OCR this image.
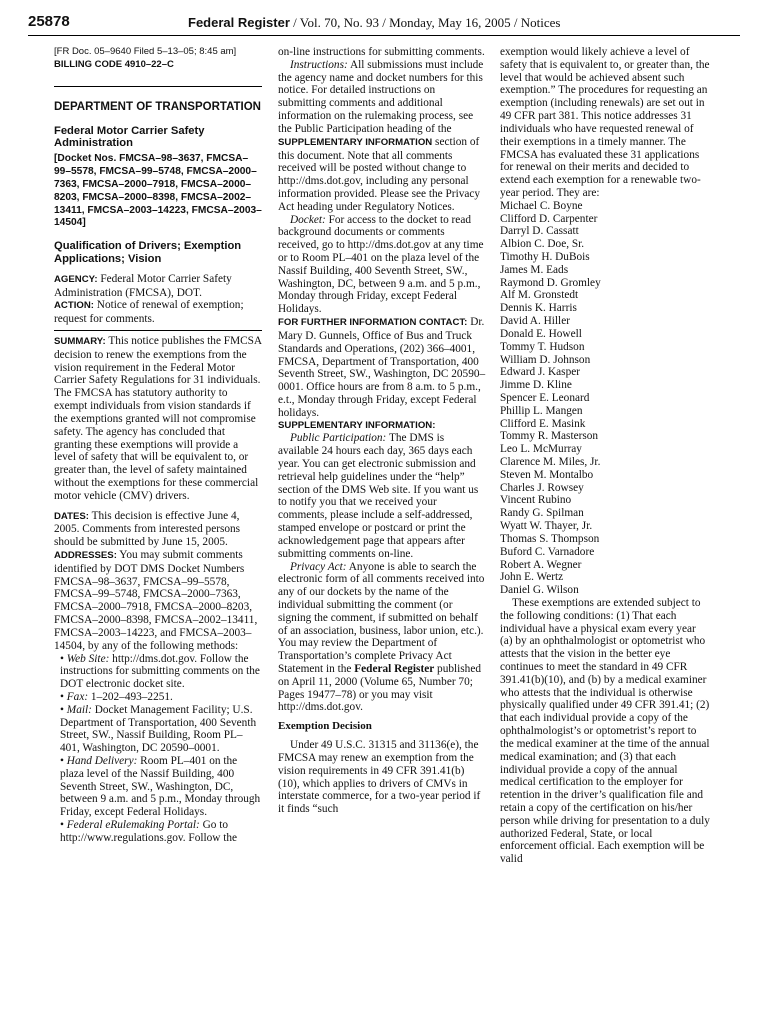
25878	Federal Register / Vol. 70, No. 93 / Monday, May 16, 2005 / Notices

[FR Doc. 05–9640 Filed 5–13–05; 8:45 am]

BILLING CODE 4910–22–C

DEPARTMENT OF TRANSPORTATION

Federal Motor Carrier Safety Administration

[Docket Nos. FMCSA–98–3637, FMCSA–99–5578, FMCSA–99–5748, FMCSA–2000–7363, FMCSA–2000–7918, FMCSA–2000–8203, FMCSA–2000–8398, FMCSA–2002–13411, FMCSA–2003–14223, FMCSA–2003–14504]

Qualification of Drivers; Exemption Applications; Vision

AGENCY: Federal Motor Carrier Safety Administration (FMCSA), DOT.

ACTION: Notice of renewal of exemption; request for comments.

SUMMARY: This notice publishes the FMCSA decision to renew the exemptions from the vision requirement in the Federal Motor Carrier Safety Regulations for 31 individuals. The FMCSA has statutory authority to exempt individuals from vision standards if the exemptions granted will not compromise safety. The agency has concluded that granting these exemptions will provide a level of safety that will be equivalent to, or greater than, the level of safety maintained without the exemptions for these commercial motor vehicle (CMV) drivers.

DATES: This decision is effective June 4, 2005. Comments from interested persons should be submitted by June 15, 2005.

ADDRESSES: You may submit comments identified by DOT DMS Docket Numbers FMCSA–98–3637, FMCSA–99–5578, FMCSA–99–5748, FMCSA–2000–7363, FMCSA–2000–7918, FMCSA–2000–8203, FMCSA–2000–8398, FMCSA–2002–13411, FMCSA–2003–14223, and FMCSA–2003–14504, by any of the following methods:

• Web Site: http://dms.dot.gov. Follow the instructions for submitting comments on the DOT electronic docket site.

• Fax: 1–202–493–2251.

• Mail: Docket Management Facility; U.S. Department of Transportation, 400 Seventh Street, SW., Nassif Building, Room PL–401, Washington, DC 20590–0001.

• Hand Delivery: Room PL–401 on the plaza level of the Nassif Building, 400 Seventh Street, SW., Washington, DC, between 9 a.m. and 5 p.m., Monday through Friday, except Federal Holidays.

• Federal eRulemaking Portal: Go to http://www.regulations.gov. Follow the

on-line instructions for submitting comments.

Instructions: All submissions must include the agency name and docket numbers for this notice. For detailed instructions on submitting comments and additional information on the rulemaking process, see the Public Participation heading of the SUPPLEMENTARY INFORMATION section of this document. Note that all comments received will be posted without change to http://dms.dot.gov, including any personal information provided. Please see the Privacy Act heading under Regulatory Notices.

Docket: For access to the docket to read background documents or comments received, go to http://dms.dot.gov at any time or to Room PL–401 on the plaza level of the Nassif Building, 400 Seventh Street, SW., Washington, DC, between 9 a.m. and 5 p.m., Monday through Friday, except Federal Holidays.

FOR FURTHER INFORMATION CONTACT: Dr. Mary D. Gunnels, Office of Bus and Truck Standards and Operations, (202) 366–4001, FMCSA, Department of Transportation, 400 Seventh Street, SW., Washington, DC 20590–0001. Office hours are from 8 a.m. to 5 p.m., e.t., Monday through Friday, except Federal holidays.

SUPPLEMENTARY INFORMATION:

Public Participation: The DMS is available 24 hours each day, 365 days each year. You can get electronic submission and retrieval help guidelines under the “help” section of the DMS Web site. If you want us to notify you that we received your comments, please include a self-addressed, stamped envelope or postcard or print the acknowledgement page that appears after submitting comments on-line.

Privacy Act: Anyone is able to search the electronic form of all comments received into any of our dockets by the name of the individual submitting the comment (or signing the comment, if submitted on behalf of an association, business, labor union, etc.). You may review the Department of Transportation’s complete Privacy Act Statement in the Federal Register published on April 11, 2000 (Volume 65, Number 70; Pages 19477–78) or you may visit http://dms.dot.gov.

Exemption Decision

Under 49 U.S.C. 31315 and 31136(e), the FMCSA may renew an exemption from the vision requirements in 49 CFR 391.41(b)(10), which applies to drivers of CMVs in interstate commerce, for a two-year period if it finds “such

exemption would likely achieve a level of safety that is equivalent to, or greater than, the level that would be achieved absent such exemption.” The procedures for requesting an exemption (including renewals) are set out in 49 CFR part 381. This notice addresses 31 individuals who have requested renewal of their exemptions in a timely manner. The FMCSA has evaluated these 31 applications for renewal on their merits and decided to extend each exemption for a renewable two-year period. They are:

Michael C. Boyne

Clifford D. Carpenter

Darryl D. Cassatt

Albion C. Doe, Sr.

Timothy H. DuBois

James M. Eads

Raymond D. Gromley

Alf M. Gronstedt

Dennis K. Harris

David A. Hiller

Donald E. Howell

Tommy T. Hudson

William D. Johnson

Edward J. Kasper

Jimme D. Kline

Spencer E. Leonard

Phillip L. Mangen

Clifford E. Masink

Tommy R. Masterson

Leo L. McMurray

Clarence M. Miles, Jr.

Steven M. Montalbo

Charles J. Rowsey

Vincent Rubino

Randy G. Spilman

Wyatt W. Thayer, Jr.

Thomas S. Thompson

Buford C. Varnadore

Robert A. Wegner

John E. Wertz

Daniel G. Wilson

These exemptions are extended subject to the following conditions: (1) That each individual have a physical exam every year (a) by an ophthalmologist or optometrist who attests that the vision in the better eye continues to meet the standard in 49 CFR 391.41(b)(10), and (b) by a medical examiner who attests that the individual is otherwise physically qualified under 49 CFR 391.41; (2) that each individual provide a copy of the ophthalmologist’s or optometrist’s report to the medical examiner at the time of the annual medical examination; and (3) that each individual provide a copy of the annual medical certification to the employer for retention in the driver’s qualification file and retain a copy of the certification on his/her person while driving for presentation to a duly authorized Federal, State, or local enforcement official. Each exemption will be valid
